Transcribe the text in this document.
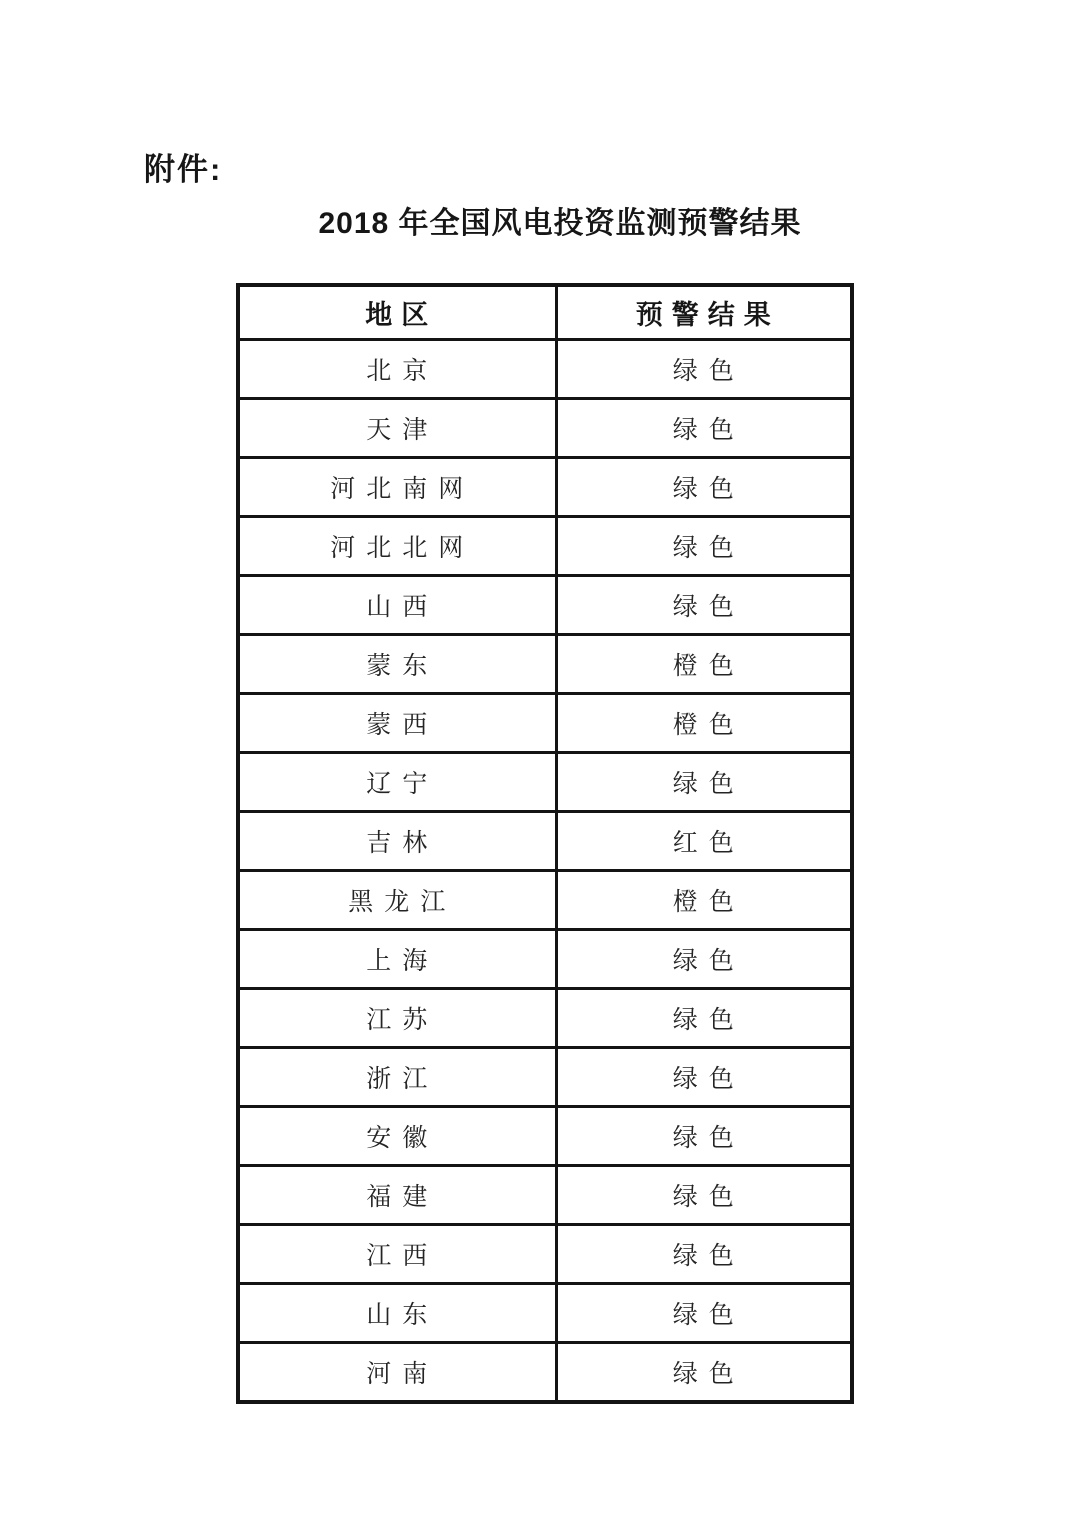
附件:
2018 年全国风电投资监测预警结果
地区	预警结果
北京	绿色
天津	绿色
河北南网	绿色
河北北网	绿色
山西	绿色
蒙东	橙色
蒙西	橙色
辽宁	绿色
吉林	红色
黑龙江	橙色
上海	绿色
江苏	绿色
浙江	绿色
安徽	绿色
福建	绿色
江西	绿色
山东	绿色
河南	绿色
